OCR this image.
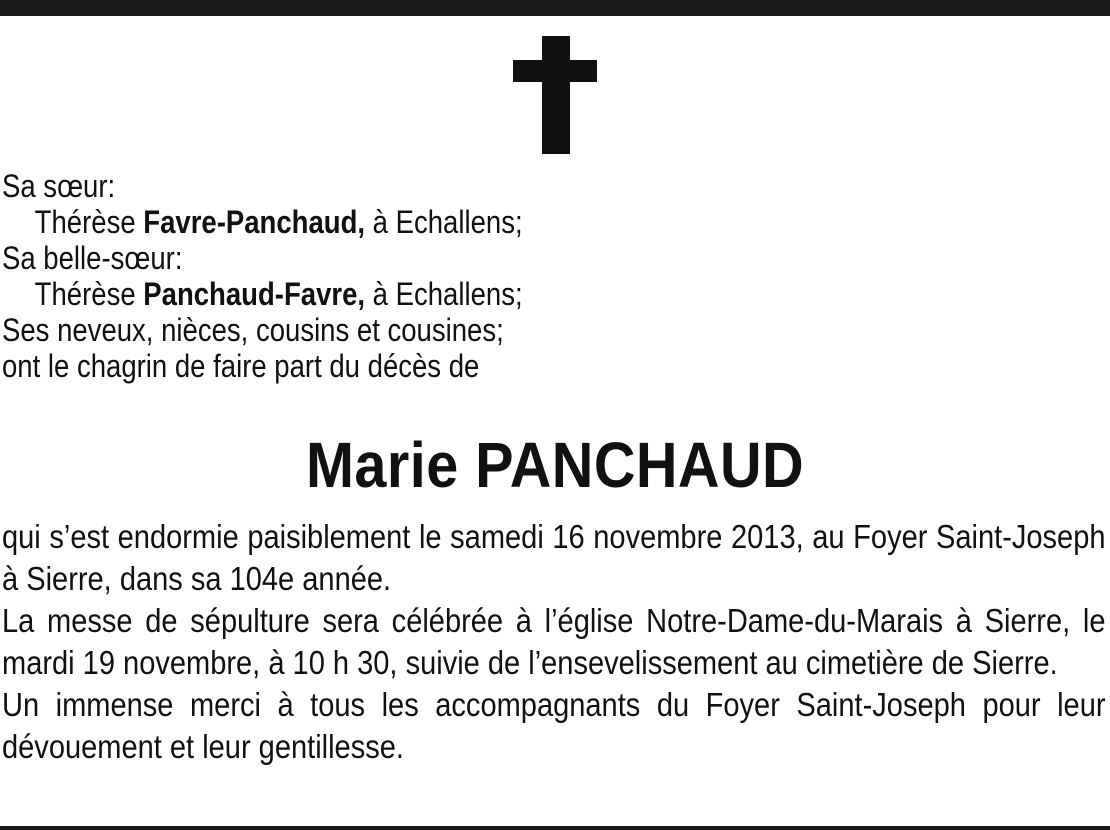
Sa sœur:
Thérèse Favre-Panchaud, à Echallens;
Sa belle-sœur:
Thérèse Panchaud-Favre, à Echallens;
Ses neveux, nièces, cousins et cousines;
ont le chagrin de faire part du décès de
Marie PANCHAUD

qui s’est endormie paisiblement le samedi 16 novembre 2013, au Foyer Saint-Joseph à Sierre, dans sa 104e année.

La messe de sépulture sera célébrée à l’église Notre-Dame-du-Marais à Sierre, le mardi 19 novembre, à 10 h 30, suivie de l’ensevelissement au cimetière de Sierre.

Un immense merci à tous les accompagnants du Foyer Saint-Joseph pour leur dévouement et leur gentillesse.
